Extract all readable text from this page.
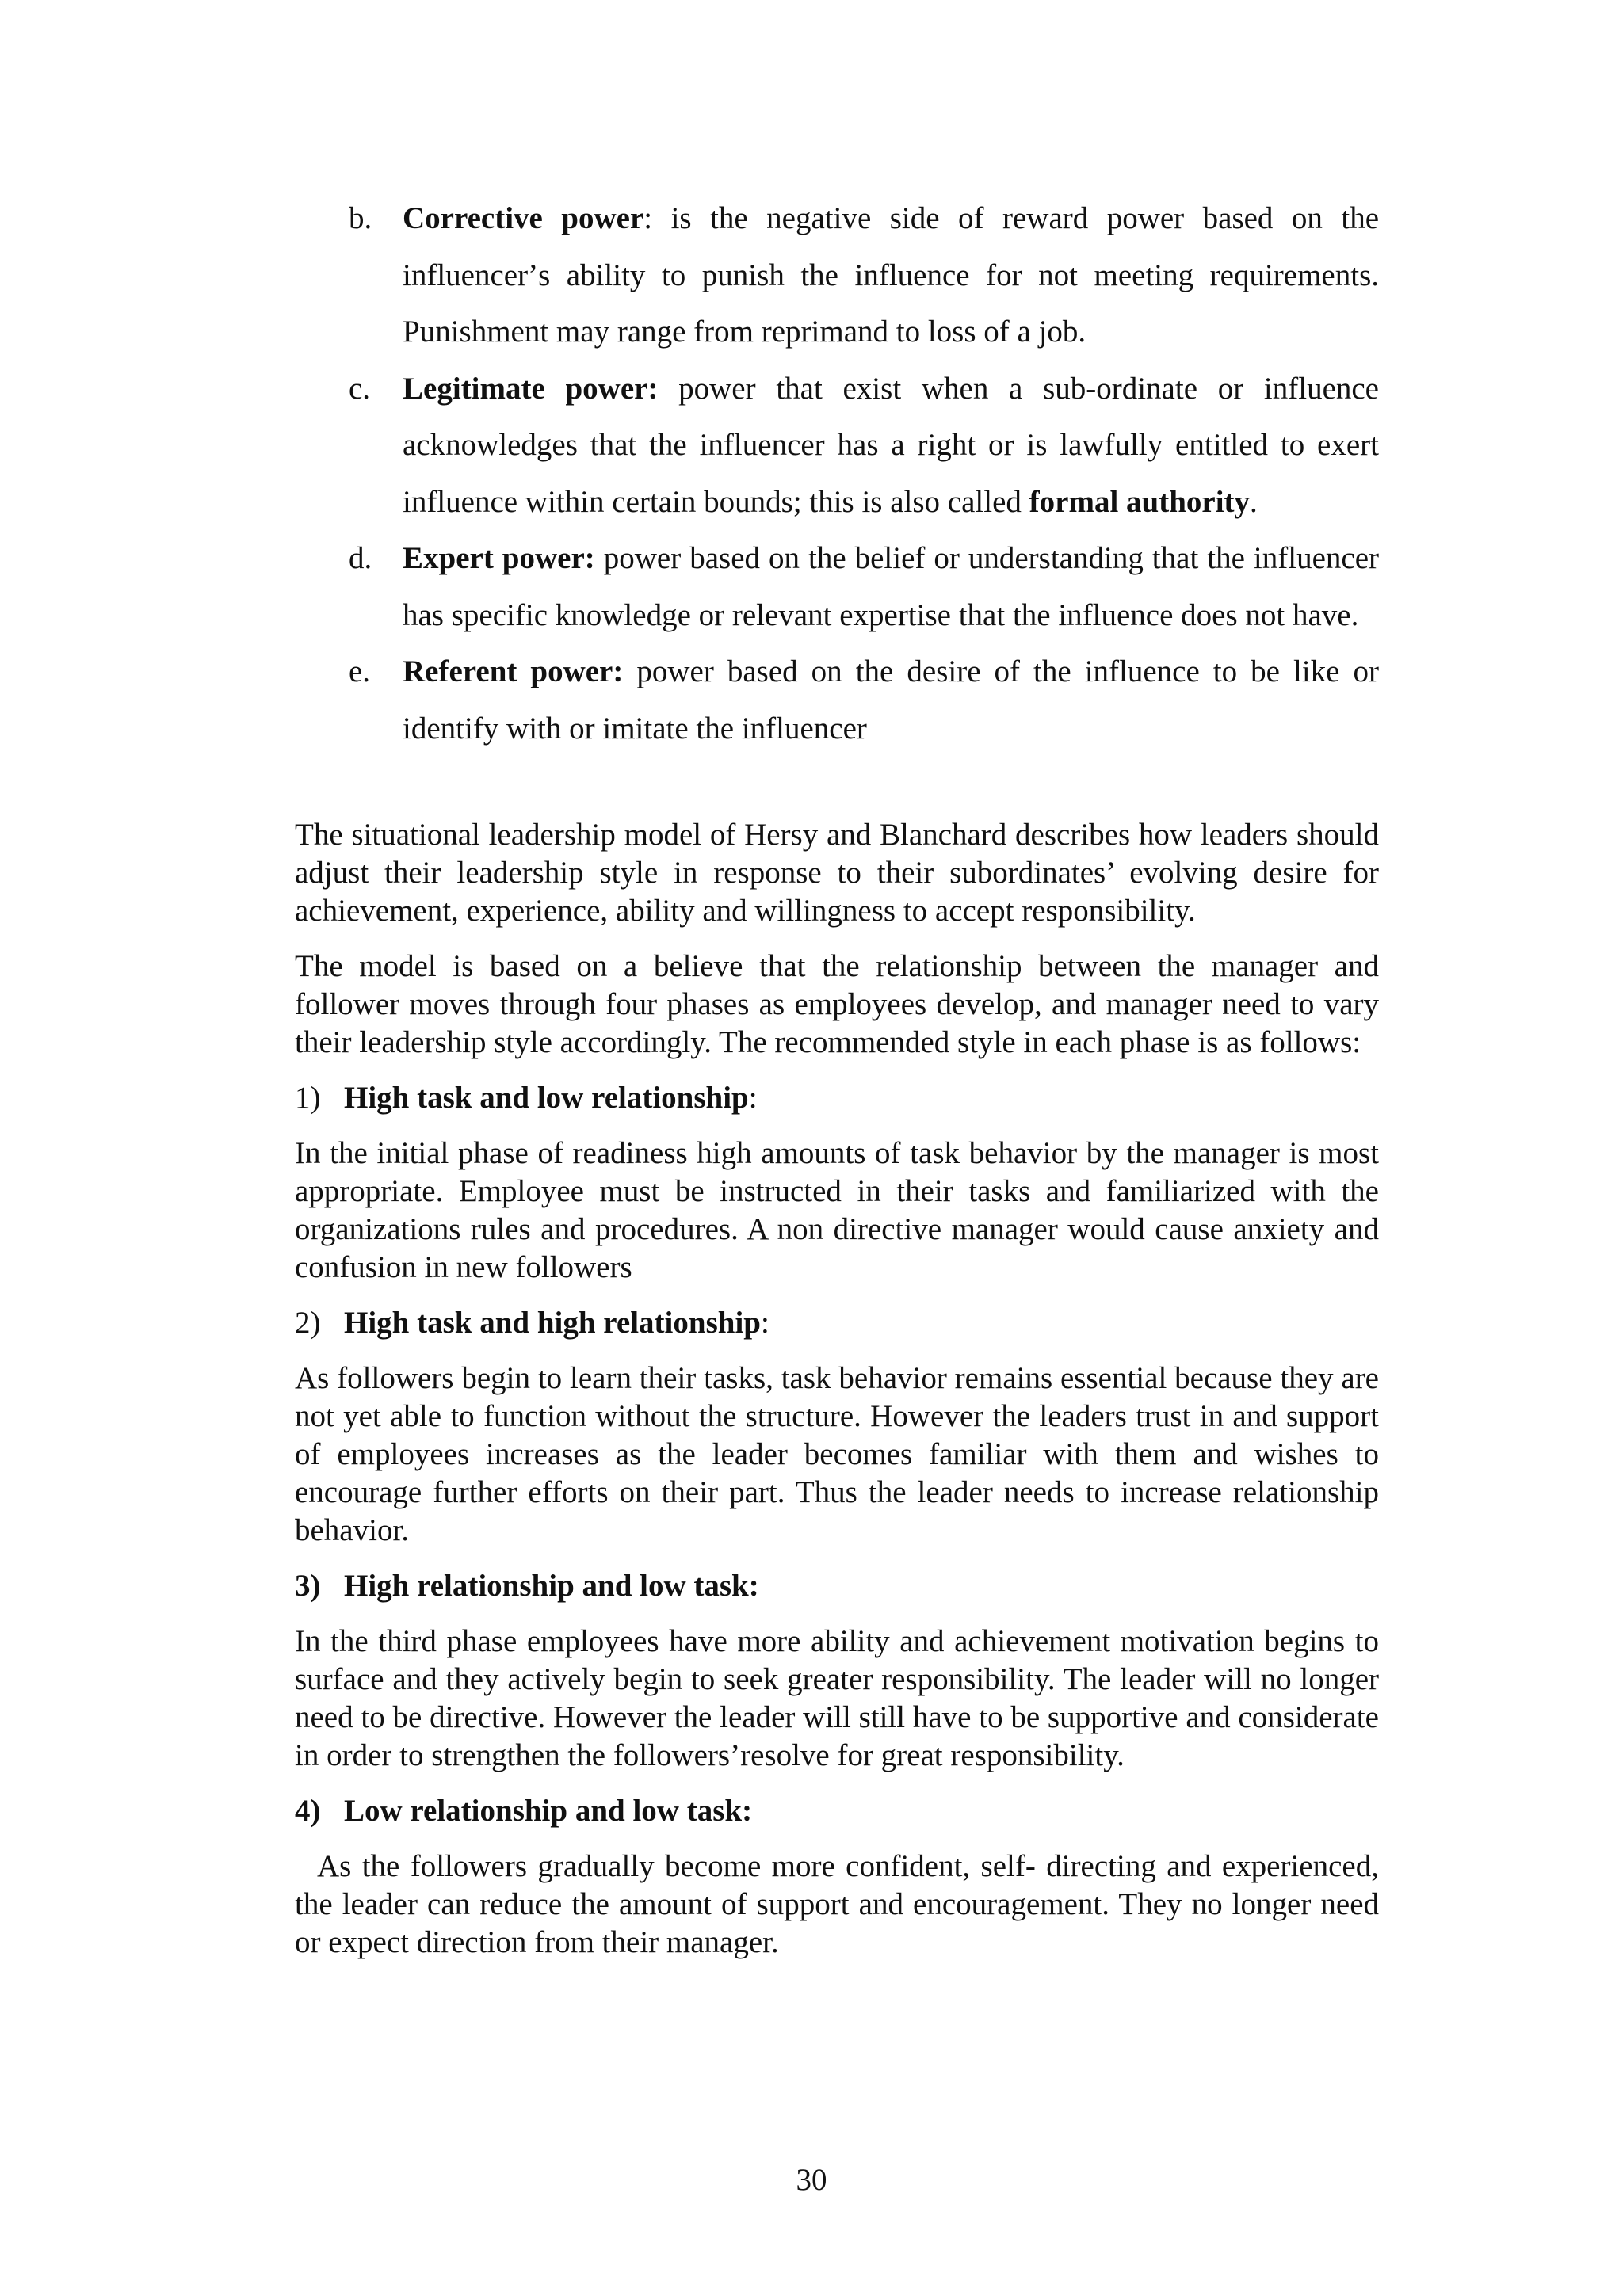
b. Corrective power: is the negative side of reward power based on the influencerʼs ability to punish the influence for not meeting requirements. Punishment may range from reprimand to loss of a job.
c. Legitimate power: power that exist when a sub-ordinate or influence acknowledges that the influencer has a right or is lawfully entitled to exert influence within certain bounds; this is also called formal authority.
d. Expert power: power based on the belief or understanding that the influencer has specific knowledge or relevant expertise that the influence does not have.
e. Referent power: power based on the desire of the influence to be like or identify with or imitate the influencer

The situational leadership model of Hersy and Blanchard describes how leaders should adjust their leadership style in response to their subordinates’ evolving desire for achievement, experience, ability and willingness to accept responsibility.

The model is based on a believe that the relationship between the manager and follower moves through four phases as employees develop, and manager need to vary their leadership style accordingly. The recommended style in each phase is as follows:

1) High task and low relationship:

In the initial phase of readiness high amounts of task behavior by the manager is most appropriate. Employee must be instructed in their tasks and familiarized with the organizations rules and procedures. A non directive manager would cause anxiety and confusion in new followers

2) High task and high relationship:

As followers begin to learn their tasks, task behavior remains essential because they are not yet able to function without the structure. However the leaders trust in and support of employees increases as the leader becomes familiar with them and wishes to encourage further efforts on their part. Thus the leader needs to increase relationship behavior.

3) High relationship and low task:

In the third phase employees have more ability and achievement motivation begins to surface and they actively begin to seek greater responsibility. The leader will no longer need to be directive. However the leader will still have to be supportive and considerate in order to strengthen the followers’resolve for great responsibility.

4) Low relationship and low task:

As the followers gradually become more confident, self- directing and experienced, the leader can reduce the amount of support and encouragement. They no longer need or expect direction from their manager.

30
